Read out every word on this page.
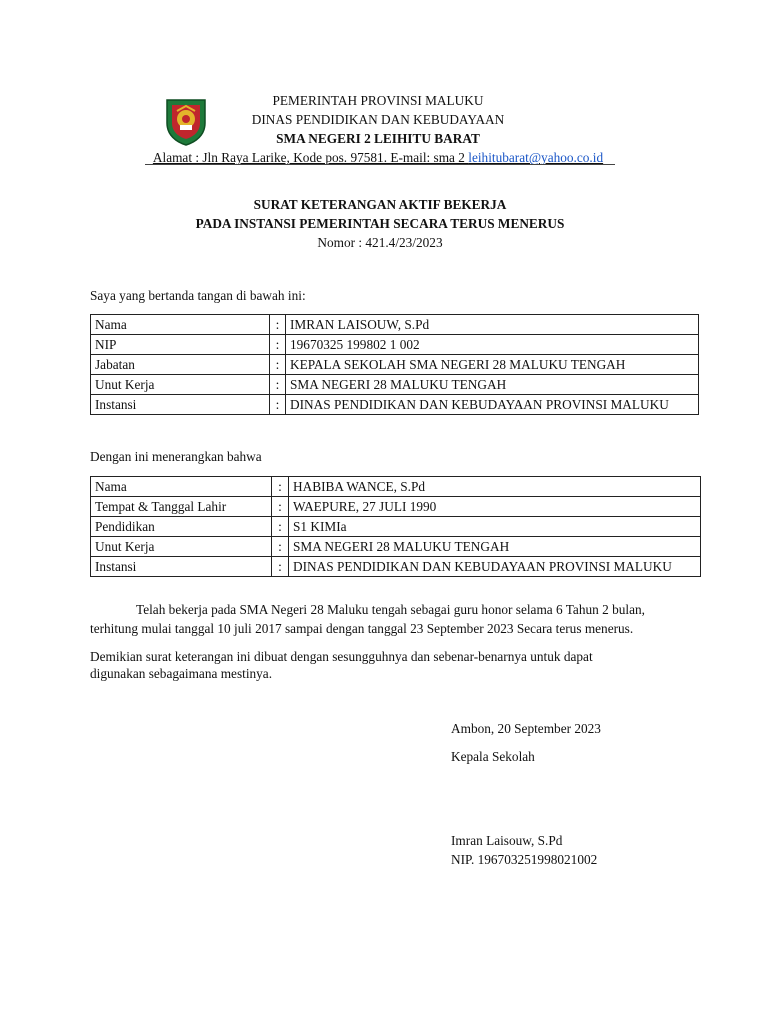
PEMERINTAH PROVINSI MALUKU
DINAS PENDIDIKAN DAN KEBUDAYAAN
SMA NEGERI 2 LEIHITU BARAT
Alamat : Jln Raya Larike, Kode pos. 97581. E-mail: sma 2 leihitubarat@yahoo.co.id
SURAT KETERANGAN AKTIF BEKERJA
PADA INSTANSI PEMERINTAH SECARA TERUS MENERUS
Nomor : 421.4/23/2023
Saya yang bertanda tangan di bawah ini:
Nama	:	IMRAN LAISOUW, S.Pd
NIP	:	19670325 199802 1 002
Jabatan	:	KEPALA SEKOLAH SMA NEGERI 28 MALUKU TENGAH
Unut Kerja	:	SMA NEGERI 28 MALUKU TENGAH
Instansi	:	DINAS PENDIDIKAN DAN KEBUDAYAAN PROVINSI MALUKU
Dengan ini menerangkan bahwa
Nama	:	HABIBA WANCE, S.Pd
Tempat & Tanggal Lahir	:	WAEPURE, 27 JULI 1990
Pendidikan	:	S1 KIMIa
Unut Kerja	:	SMA NEGERI 28 MALUKU TENGAH
Instansi	:	DINAS PENDIDIKAN DAN KEBUDAYAAN PROVINSI MALUKU
Telah bekerja pada SMA Negeri 28 Maluku tengah sebagai guru honor selama 6 Tahun 2 bulan,
terhitung mulai tanggal 10 juli 2017 sampai dengan tanggal 23 September 2023 Secara terus menerus.
Demikian surat keterangan ini dibuat dengan sesungguhnya dan sebenar-benarnya untuk dapat
digunakan sebagaimana mestinya.
Ambon, 20 September 2023
Kepala Sekolah
Imran Laisouw, S.Pd
NIP. 196703251998021002
